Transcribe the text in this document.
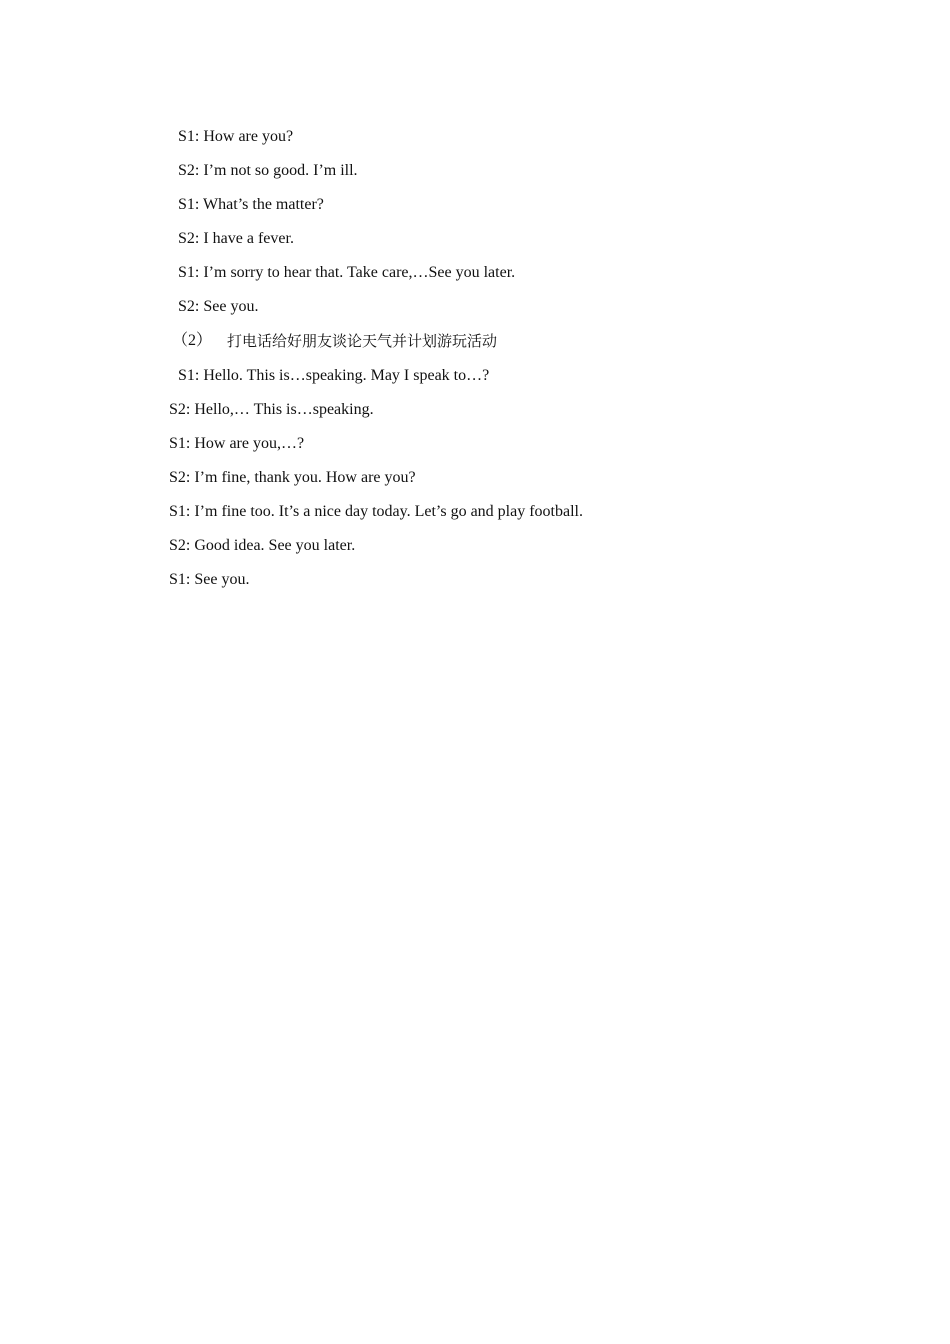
S1: How are you?
S2: I’m not so good. I’m ill.
S1: What’s the matter?
S2: I have a fever.
S1: I’m sorry to hear that. Take care,…See you later.
S2: See you.
（2） 打电话给好朋友谈论天气并计划游玩活动
S1: Hello. This is…speaking. May I speak to…?
S2: Hello,… This is…speaking.
S1: How are you,…?
S2: I’m fine, thank you. How are you?
S1: I’m fine too. It’s a nice day today. Let’s go and play football.
S2: Good idea. See you later.
S1: See you.
